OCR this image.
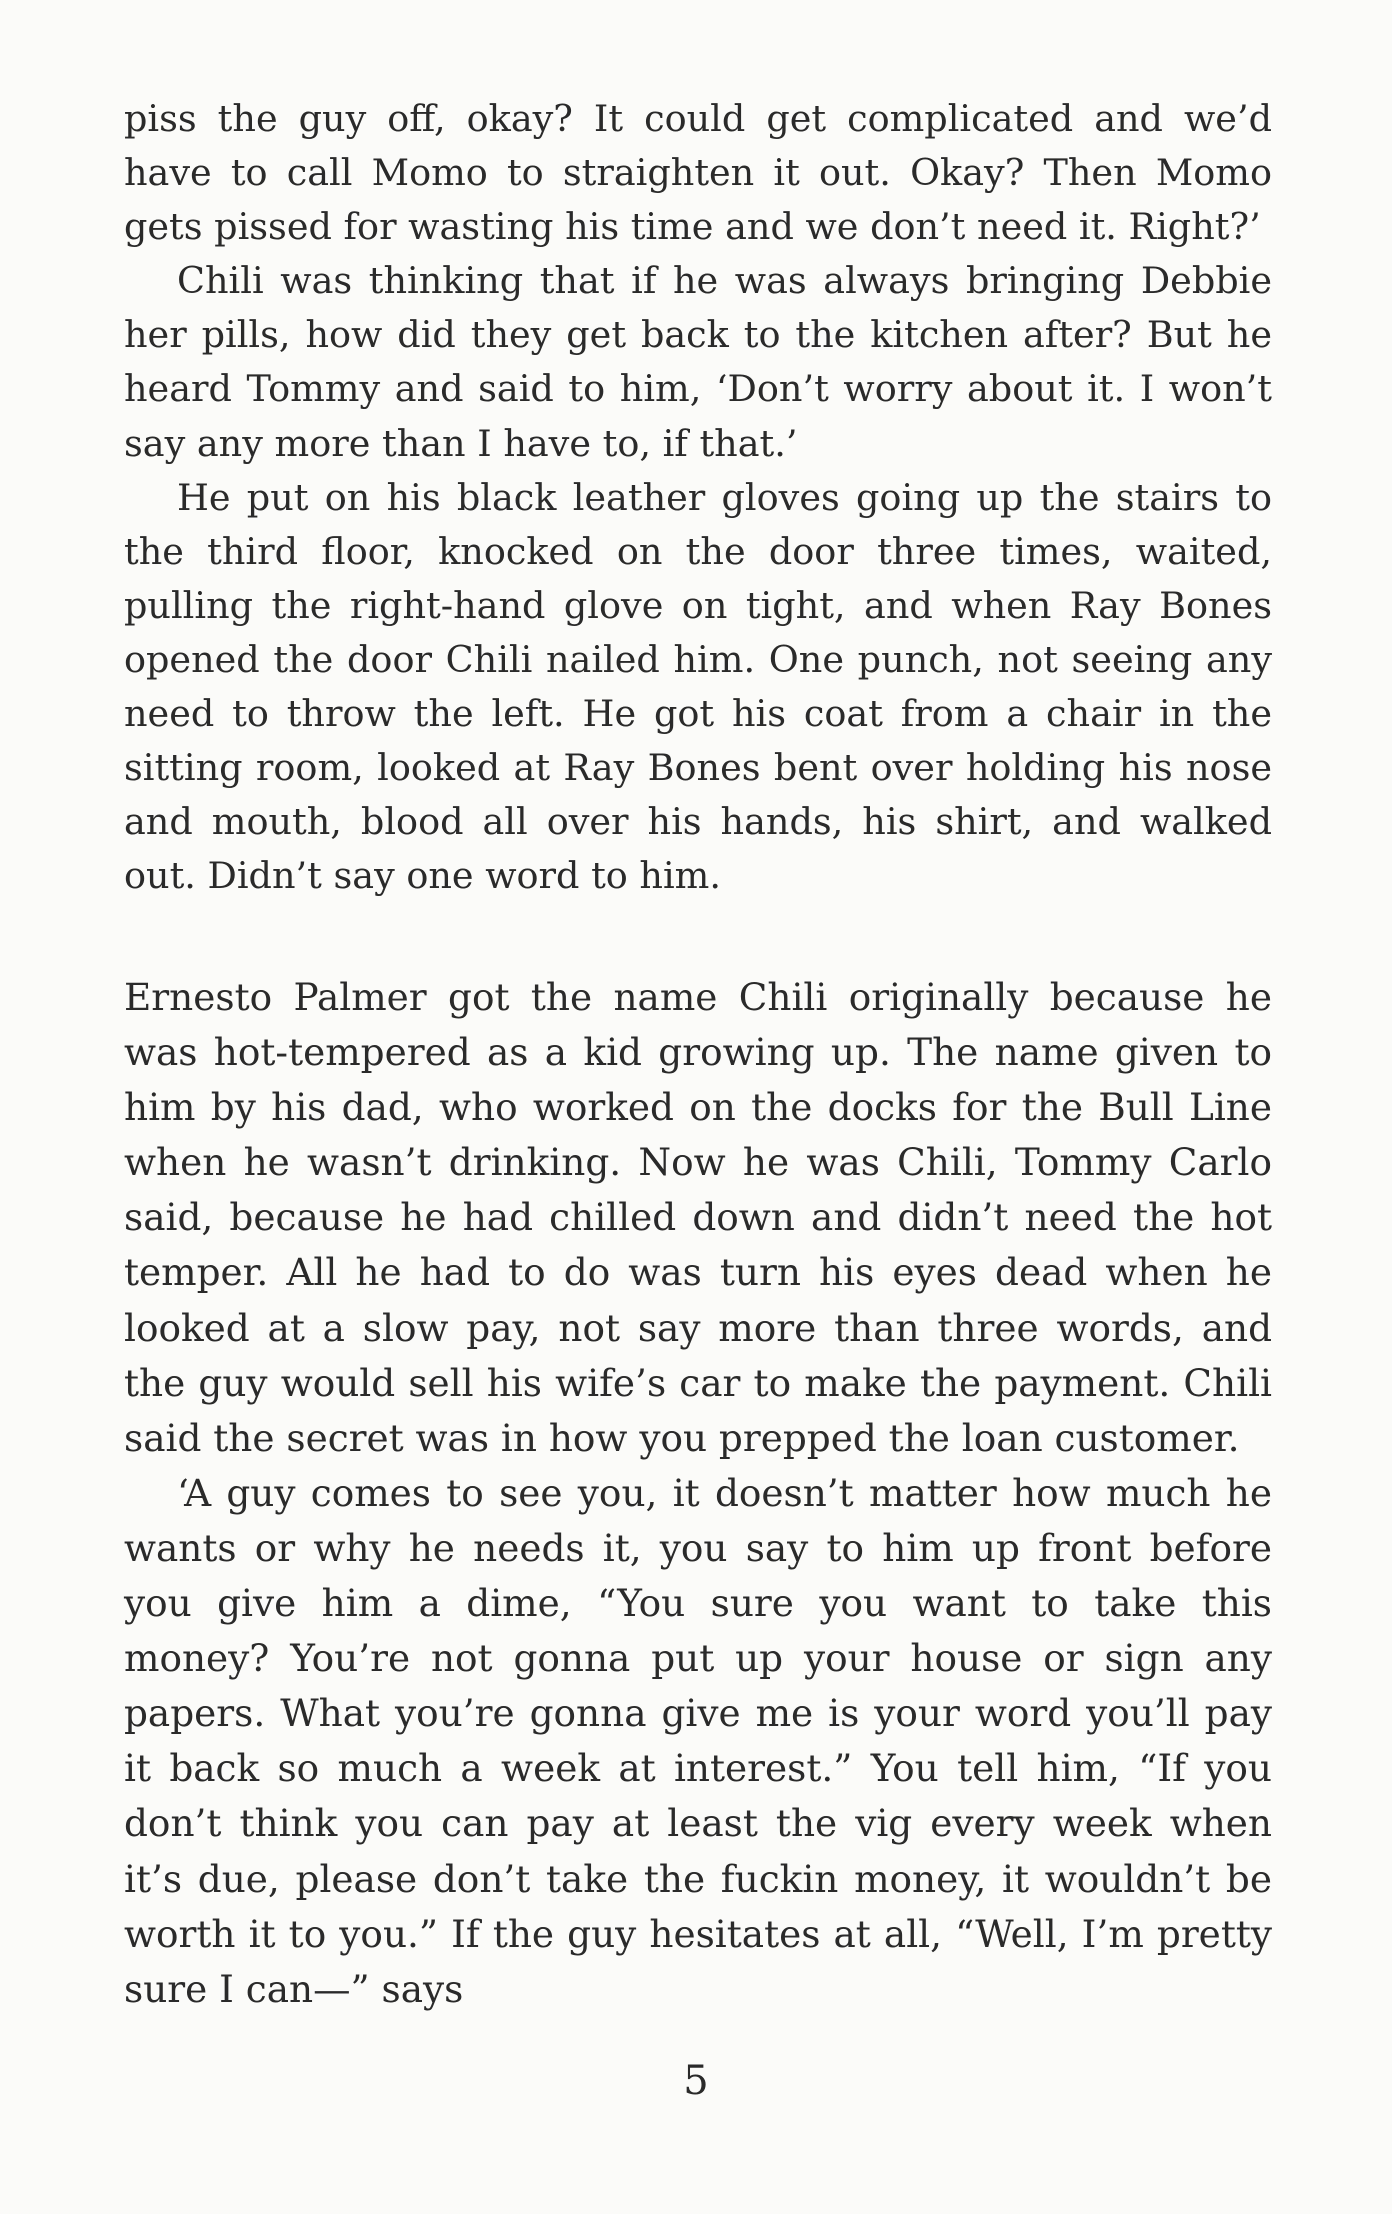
piss the guy off, okay? It could get complicated and we’d have to call Momo to straighten it out. Okay? Then Momo gets pissed for wasting his time and we don’t need it. Right?’

Chili was thinking that if he was always bringing Debbie her pills, how did they get back to the kitchen after? But he heard Tommy and said to him, ‘Don’t worry about it. I won’t say any more than I have to, if that.’

He put on his black leather gloves going up the stairs to the third floor, knocked on the door three times, waited, pulling the right-hand glove on tight, and when Ray Bones opened the door Chili nailed him. One punch, not seeing any need to throw the left. He got his coat from a chair in the sitting room, looked at Ray Bones bent over holding his nose and mouth, blood all over his hands, his shirt, and walked out. Didn’t say one word to him.

Ernesto Palmer got the name Chili originally because he was hot-tempered as a kid growing up. The name given to him by his dad, who worked on the docks for the Bull Line when he wasn’t drinking. Now he was Chili, Tommy Carlo said, because he had chilled down and didn’t need the hot temper. All he had to do was turn his eyes dead when he looked at a slow pay, not say more than three words, and the guy would sell his wife’s car to make the payment. Chili said the secret was in how you prepped the loan customer.

‘A guy comes to see you, it doesn’t matter how much he wants or why he needs it, you say to him up front before you give him a dime, “You sure you want to take this money? You’re not gonna put up your house or sign any papers. What you’re gonna give me is your word you’ll pay it back so much a week at interest.” You tell him, “If you don’t think you can pay at least the vig every week when it’s due, please don’t take the fuckin money, it wouldn’t be worth it to you.” If the guy hesitates at all, “Well, I’m pretty sure I can—” says

5
